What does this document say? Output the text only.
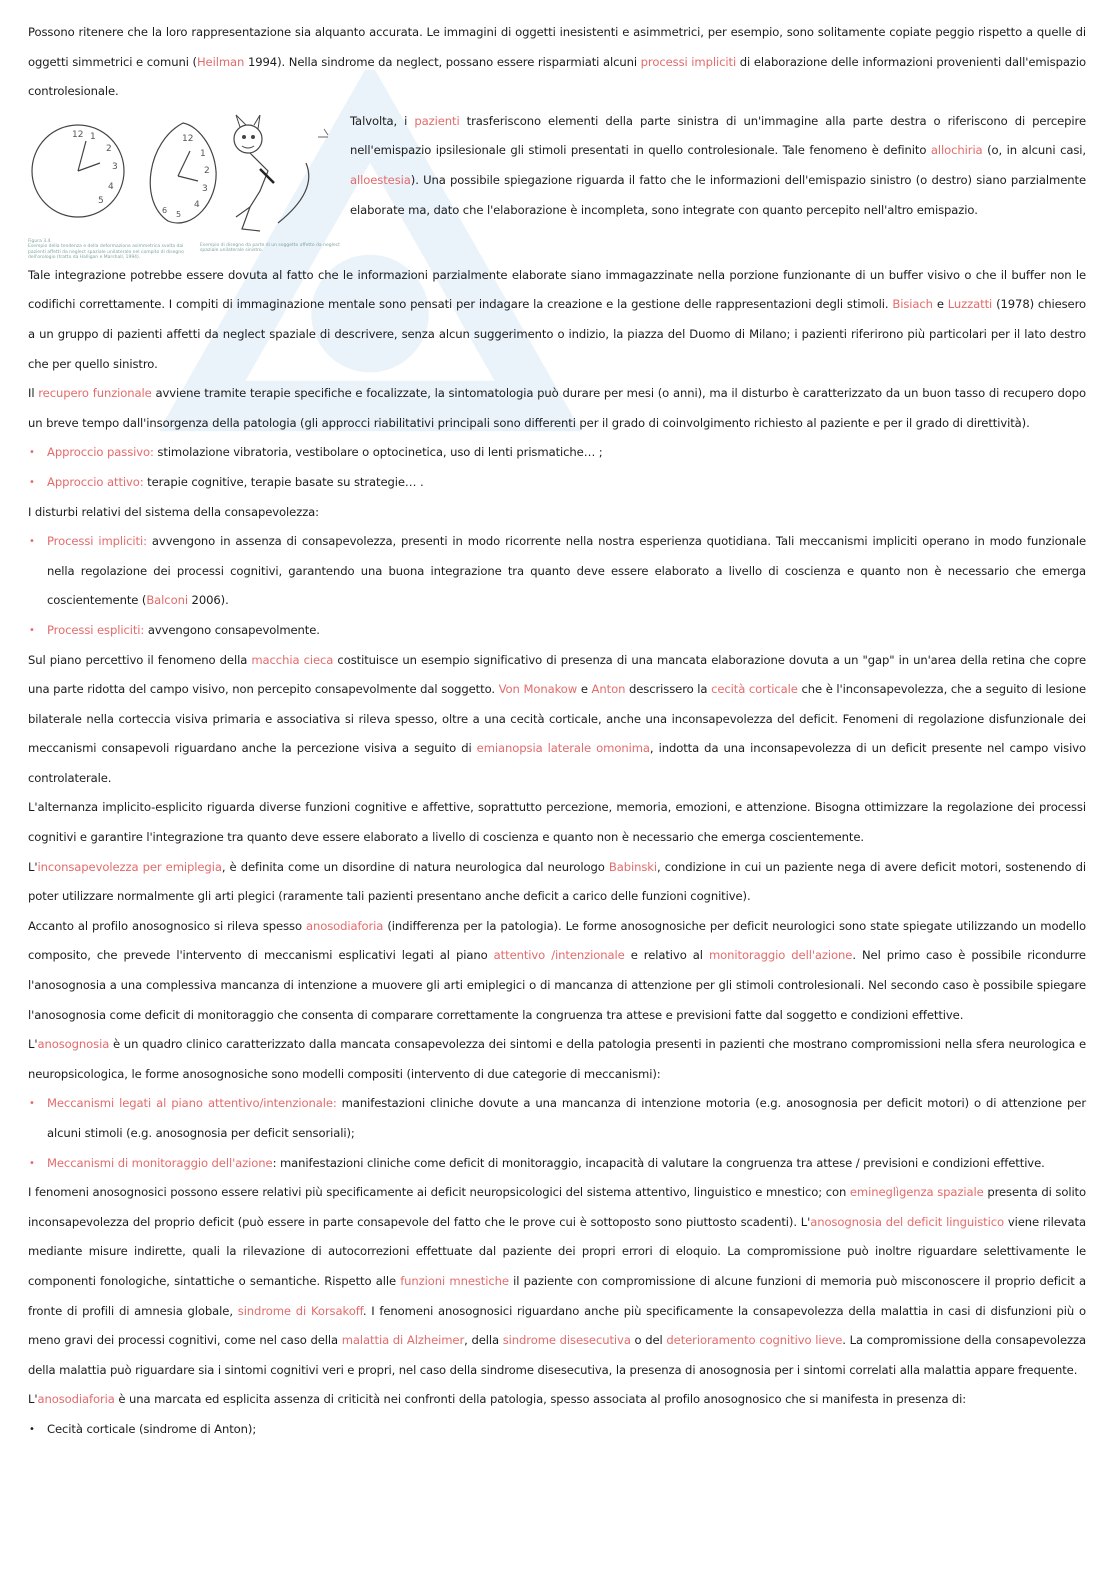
Possono ritenere che la loro rappresentazione sia alquanto accurata. Le immagini di oggetti inesistenti e asimmetrici, per esempio, sono solitamente copiate peggio rispetto a quelle di oggetti simmetrici e comuni (Heilman 1994). Nella sindrome da neglect, possano essere risparmiati alcuni processi impliciti di elaborazione delle informazioni provenienti dall'emispazio controlesionale.

12 1
2
3
4
5
12
1
2
3
4
5
6
Figura 3.4
Esempio della tendenza e della deformazione asimmetrica svolta dai pazienti affetti da neglect spaziale unilaterale nel compito di disegno dell'orologio (tratto da Halligan e Marshall, 1994).
Esempio di disegno da parte di un soggetto affetto da neglect spaziale unilaterale sinistro.

Talvolta, i pazienti trasferiscono elementi della parte sinistra di un'immagine alla parte destra o riferiscono di percepire nell'emispazio ipsilesionale gli stimoli presentati in quello controlesionale. Tale fenomeno è definito allochiria (o, in alcuni casi, alloestesia). Una possibile spiegazione riguarda il fatto che le informazioni dell'emispazio sinistro (o destro) siano parzialmente elaborate ma, dato che l'elaborazione è incompleta, sono integrate con quanto percepito nell'altro emispazio.

Tale integrazione potrebbe essere dovuta al fatto che le informazioni parzialmente elaborate siano immagazzinate nella porzione funzionante di un buffer visivo o che il buffer non le codifichi correttamente. I compiti di immaginazione mentale sono pensati per indagare la creazione e la gestione delle rappresentazioni degli stimoli. Bisiach e Luzzatti (1978) chiesero a un gruppo di pazienti affetti da neglect spaziale di descrivere, senza alcun suggerimento o indizio, la piazza del Duomo di Milano; i pazienti riferirono più particolari per il lato destro che per quello sinistro.

Il recupero funzionale avviene tramite terapie specifiche e focalizzate, la sintomatologia può durare per mesi (o anni), ma il disturbo è caratterizzato da un buon tasso di recupero dopo un breve tempo dall'insorgenza della patologia (gli approcci riabilitativi principali sono differenti per il grado di coinvolgimento richiesto al paziente e per il grado di direttività).

• Approccio passivo: stimolazione vibratoria, vestibolare o optocinetica, uso di lenti prismatiche… ;

• Approccio attivo: terapie cognitive, terapie basate su strategie… .

I disturbi relativi del sistema della consapevolezza:

• Processi impliciti: avvengono in assenza di consapevolezza, presenti in modo ricorrente nella nostra esperienza quotidiana. Tali meccanismi impliciti operano in modo funzionale nella regolazione dei processi cognitivi, garantendo una buona integrazione tra quanto deve essere elaborato a livello di coscienza e quanto non è necessario che emerga coscientemente (Balconi 2006).

• Processi espliciti: avvengono consapevolmente.

Sul piano percettivo il fenomeno della macchia cieca costituisce un esempio significativo di presenza di una mancata elaborazione dovuta a un "gap" in un'area della retina che copre una parte ridotta del campo visivo, non percepito consapevolmente dal soggetto. Von Monakow e Anton descrissero la cecità corticale che è l'inconsapevolezza, che a seguito di lesione bilaterale nella corteccia visiva primaria e associativa si rileva spesso, oltre a una cecità corticale, anche una inconsapevolezza del deficit. Fenomeni di regolazione disfunzionale dei meccanismi consapevoli riguardano anche la percezione visiva a seguito di emianopsia laterale omonima, indotta da una inconsapevolezza di un deficit presente nel campo visivo controlaterale.

L'alternanza implicito-esplicito riguarda diverse funzioni cognitive e affettive, soprattutto percezione, memoria, emozioni, e attenzione. Bisogna ottimizzare la regolazione dei processi cognitivi e garantire l'integrazione tra quanto deve essere elaborato a livello di coscienza e quanto non è necessario che emerga coscientemente.

L'inconsapevolezza per emiplegia, è definita come un disordine di natura neurologica dal neurologo Babinski, condizione in cui un paziente nega di avere deficit motori, sostenendo di poter utilizzare normalmente gli arti plegici (raramente tali pazienti presentano anche deficit a carico delle funzioni cognitive).

Accanto al profilo anosognosico si rileva spesso anosodiaforia (indifferenza per la patologia). Le forme anosognosiche per deficit neurologici sono state spiegate utilizzando un modello composito, che prevede l'intervento di meccanismi esplicativi legati al piano attentivo /intenzionale e relativo al monitoraggio dell'azione. Nel primo caso è possibile ricondurre l'anosognosia a una complessiva mancanza di intenzione a muovere gli arti emiplegici o di mancanza di attenzione per gli stimoli controlesionali. Nel secondo caso è possibile spiegare l'anosognosia come deficit di monitoraggio che consenta di comparare correttamente la congruenza tra attese e previsioni fatte dal soggetto e condizioni effettive.

L'anosognosia è un quadro clinico caratterizzato dalla mancata consapevolezza dei sintomi e della patologia presenti in pazienti che mostrano compromissioni nella sfera neurologica e neuropsicologica, le forme anosognosiche sono modelli compositi (intervento di due categorie di meccanismi):

• Meccanismi legati al piano attentivo/intenzionale: manifestazioni cliniche dovute a una mancanza di intenzione motoria (e.g. anosognosia per deficit motori) o di attenzione per alcuni stimoli (e.g. anosognosia per deficit sensoriali);

• Meccanismi di monitoraggio dell'azione: manifestazioni cliniche come deficit di monitoraggio, incapacità di valutare la congruenza tra attese / previsioni e condizioni effettive.

I fenomeni anosognosici possono essere relativi più specificamente ai deficit neuropsicologici del sistema attentivo, linguistico e mnestico; con emineglìgenza spaziale presenta di solito inconsapevolezza del proprio deficit (può essere in parte consapevole del fatto che le prove cui è sottoposto sono piuttosto scadenti). L'anosognosia del deficit linguistico viene rilevata mediante misure indirette, quali la rilevazione di autocorrezioni effettuate dal paziente dei propri errori di eloquio. La compromissione può inoltre riguardare selettivamente le componenti fonologiche, sintattiche o semantiche. Rispetto alle funzioni mnestiche il paziente con compromissione di alcune funzioni di memoria può misconoscere il proprio deficit a fronte di profili di amnesia globale, sindrome di Korsakoff. I fenomeni anosognosici riguardano anche più specificamente la consapevolezza della malattia in casi di disfunzioni più o meno gravi dei processi cognitivi, come nel caso della malattia di Alzheimer, della sindrome disesecutiva o del deterioramento cognitivo lieve. La compromissione della consapevolezza della malattia può riguardare sia i sintomi cognitivi veri e propri, nel caso della sindrome disesecutiva, la presenza di anosognosia per i sintomi correlati alla malattia appare frequente.

L'anosodiaforia è una marcata ed esplicita assenza di criticità nei confronti della patologia, spesso associata al profilo anosognosico che si manifesta in presenza di:

• Cecità corticale (sindrome di Anton);
